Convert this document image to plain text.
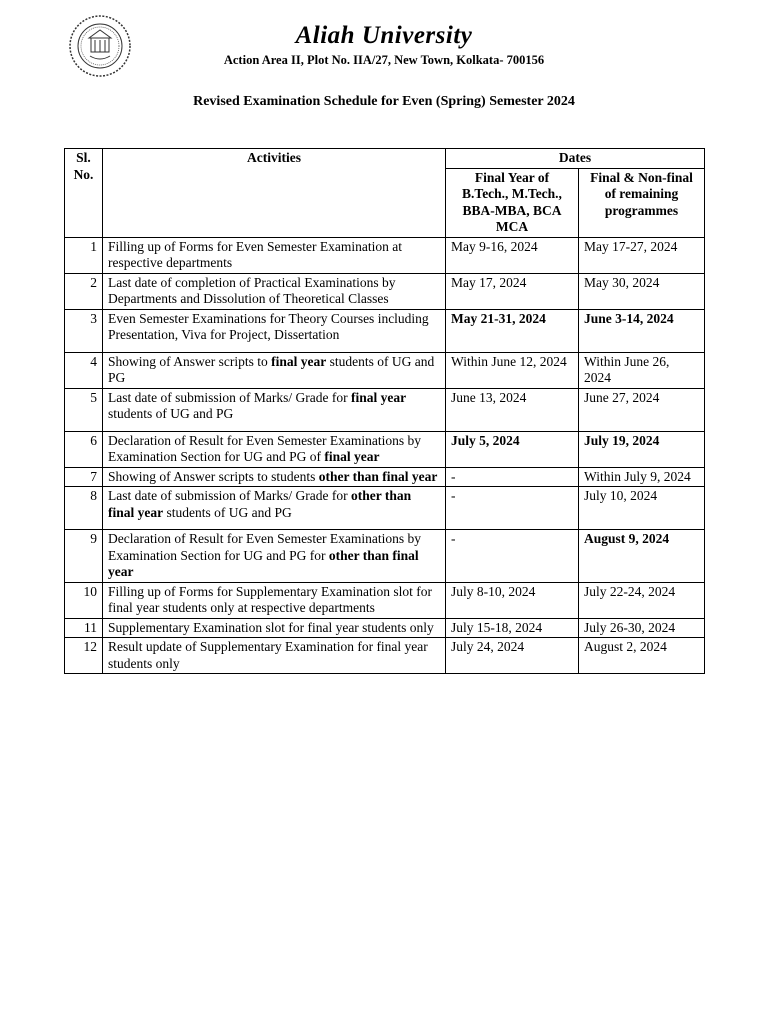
Aliah University
Action Area II, Plot No. IIA/27, New Town, Kolkata- 700156
Revised Examination Schedule for Even (Spring) Semester 2024
Sl.
No.	Activities	Dates	
		Final Year of B.Tech., M.Tech., BBA-MBA, BCA MCA	Final & Non-final of remaining programmes
1	Filling up of Forms for Even Semester Examination at respective departments	May 9-16, 2024	May 17-27, 2024
2	Last date of completion of Practical Examinations by Departments and Dissolution of Theoretical Classes	May 17, 2024	May 30, 2024
3	Even Semester Examinations for Theory Courses including Presentation, Viva for Project, Dissertation	May 21-31, 2024	June 3-14, 2024
4	Showing of Answer scripts to final year students of UG and PG	Within June 12, 2024	Within June 26, 2024
5	Last date of submission of Marks/ Grade for final year students of UG and PG	June 13, 2024	June 27, 2024
6	Declaration of Result for Even Semester Examinations by Examination Section for UG and PG of final year	July 5, 2024	July 19, 2024
7	Showing of Answer scripts to students other than final year	-	Within July 9, 2024
8	Last date of submission of Marks/ Grade for other than final year students of UG and PG	-	July 10, 2024
9	Declaration of Result for Even Semester Examinations by Examination Section for UG and PG for other than final year	-	August 9, 2024
10	Filling up of Forms for Supplementary Examination slot for final year students only at respective departments	July 8-10, 2024	July 22-24, 2024
11	Supplementary Examination slot for final year students only	July 15-18, 2024	July 26-30, 2024
12	Result update of Supplementary Examination for final year students only	July 24, 2024	August 2, 2024
